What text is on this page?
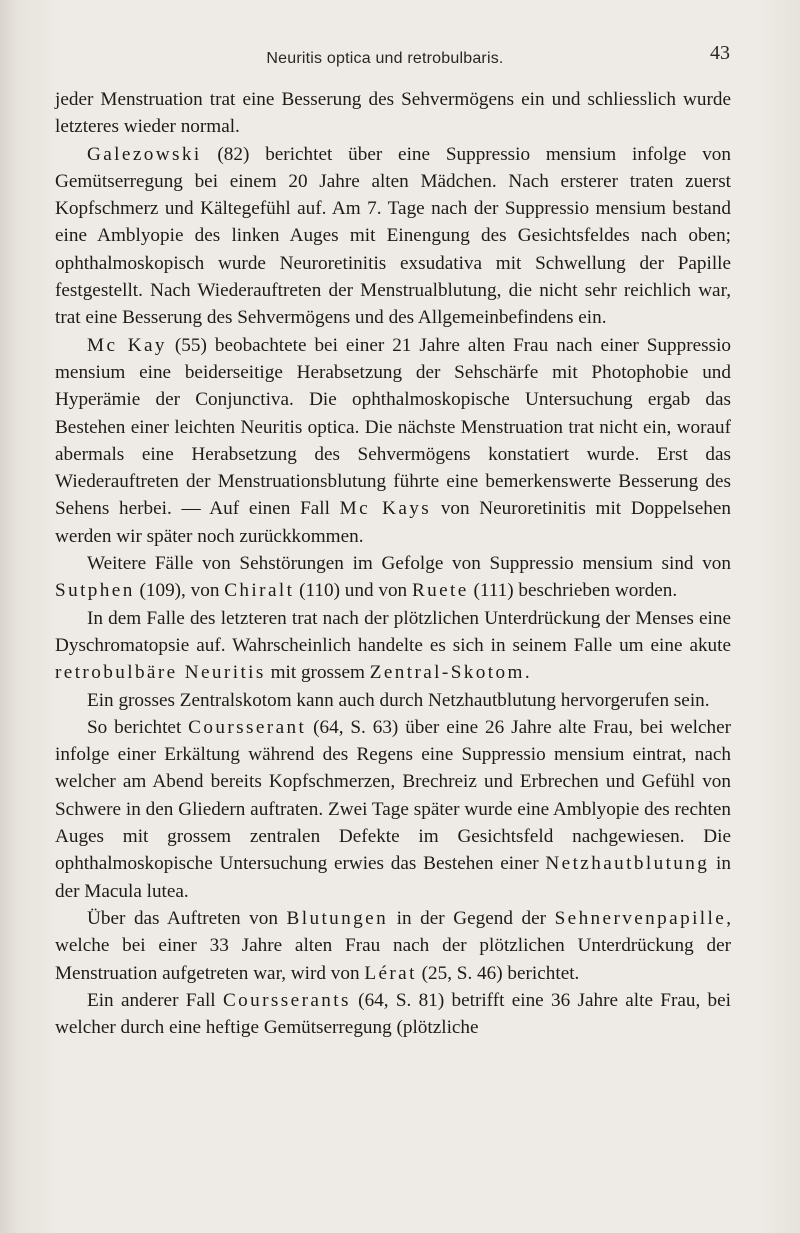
Neuritis optica und retrobulbaris.	43

jeder Menstruation trat eine Besserung des Sehvermögens ein und schliesslich wurde letzteres wieder normal.

Galezowski (82) berichtet über eine Suppressio mensium infolge von Gemütserregung bei einem 20 Jahre alten Mädchen. Nach ersterer traten zuerst Kopfschmerz und Kältegefühl auf. Am 7. Tage nach der Suppressio mensium bestand eine Amblyopie des linken Auges mit Einengung des Gesichtsfeldes nach oben; ophthalmoskopisch wurde Neuroretinitis exsudativa mit Schwellung der Papille festgestellt. Nach Wiederauftreten der Menstrualblutung, die nicht sehr reichlich war, trat eine Besserung des Sehvermögens und des Allgemeinbefindens ein.

Mc Kay (55) beobachtete bei einer 21 Jahre alten Frau nach einer Suppressio mensium eine beiderseitige Herabsetzung der Sehschärfe mit Photophobie und Hyperämie der Conjunctiva. Die ophthalmoskopische Untersuchung ergab das Bestehen einer leichten Neuritis optica. Die nächste Menstruation trat nicht ein, worauf abermals eine Herabsetzung des Sehvermögens konstatiert wurde. Erst das Wiederauftreten der Menstruationsblutung führte eine bemerkenswerte Besserung des Sehens herbei. — Auf einen Fall Mc Kays von Neuroretinitis mit Doppelsehen werden wir später noch zurückkommen.

Weitere Fälle von Sehstörungen im Gefolge von Suppressio mensium sind von Sutphen (109), von Chiralt (110) und von Ruete (111) beschrieben worden.

In dem Falle des letzteren trat nach der plötzlichen Unterdrückung der Menses eine Dyschromatopsie auf. Wahrscheinlich handelte es sich in seinem Falle um eine akute retrobulbäre Neuritis mit grossem Zentral-Skotom.

Ein grosses Zentralskotom kann auch durch Netzhautblutung hervorgerufen sein.

So berichtet Coursserant (64, S. 63) über eine 26 Jahre alte Frau, bei welcher infolge einer Erkältung während des Regens eine Suppressio mensium eintrat, nach welcher am Abend bereits Kopfschmerzen, Brechreiz und Erbrechen und Gefühl von Schwere in den Gliedern auftraten. Zwei Tage später wurde eine Amblyopie des rechten Auges mit grossem zentralen Defekte im Gesichtsfeld nachgewiesen. Die ophthalmoskopische Untersuchung erwies das Bestehen einer Netzhautblutung in der Macula lutea.

Über das Auftreten von Blutungen in der Gegend der Sehnervenpapille, welche bei einer 33 Jahre alten Frau nach der plötzlichen Unterdrückung der Menstruation aufgetreten war, wird von Lérat (25, S. 46) berichtet.

Ein anderer Fall Coursserants (64, S. 81) betrifft eine 36 Jahre alte Frau, bei welcher durch eine heftige Gemütserregung (plötzliche
